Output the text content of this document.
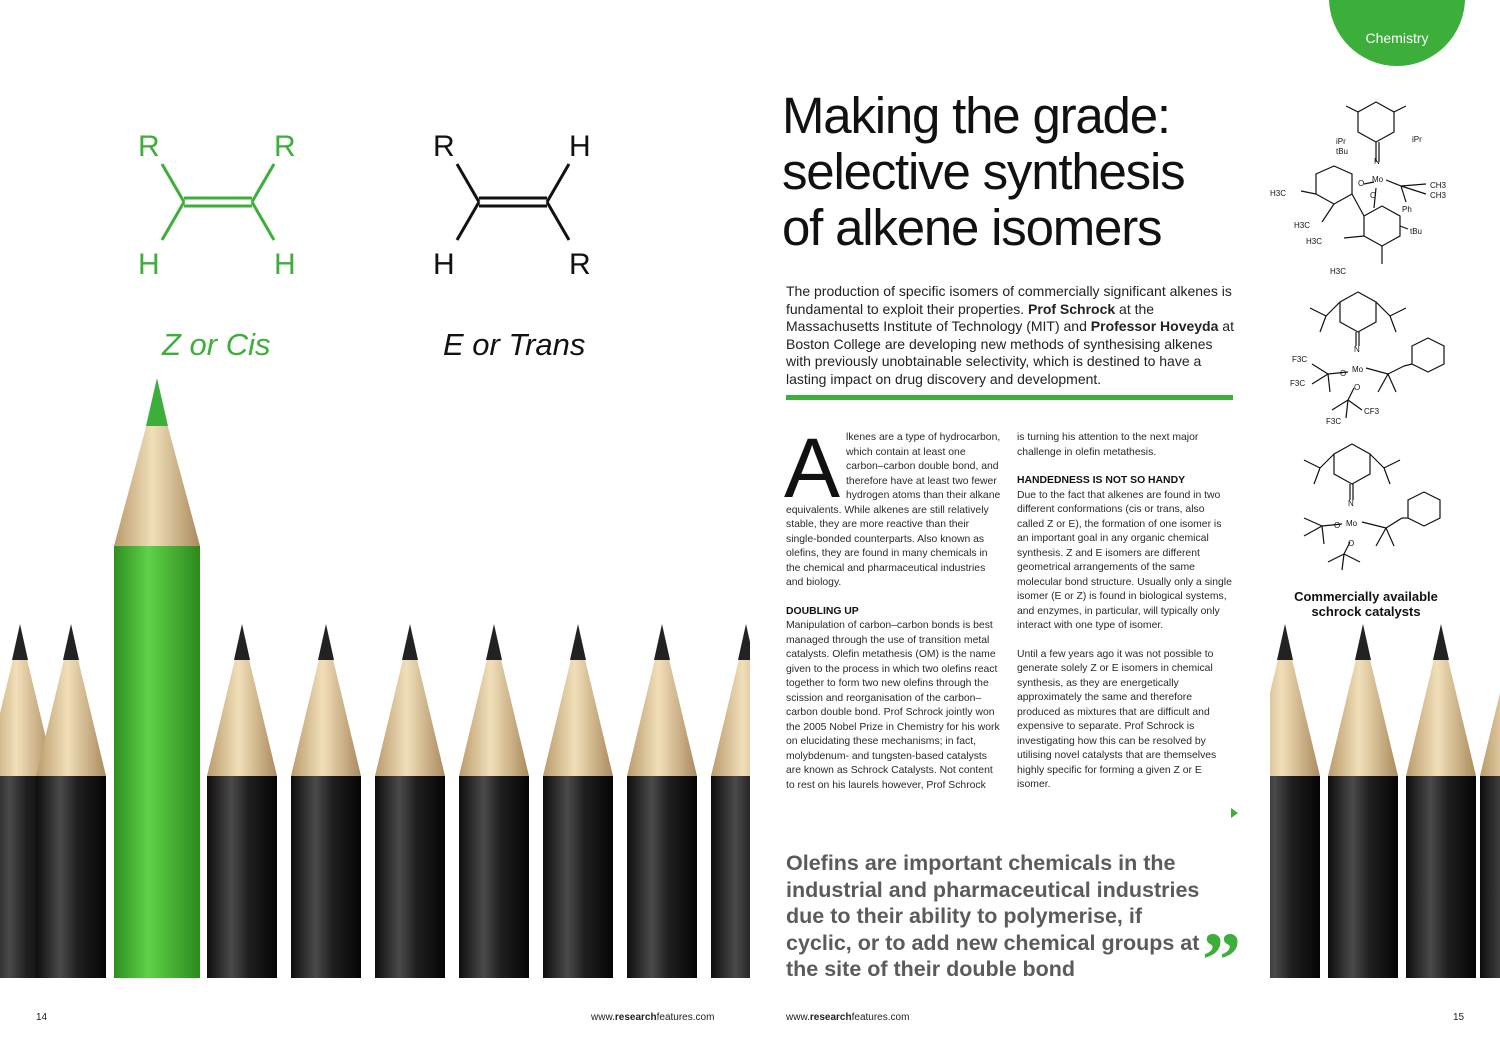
Chemistry
R	R
H	H
Z or Cis
R	H
H	R
E or Trans
Making the grade:
selective synthesis
of alkene isomers
The production of specific isomers of commercially significant alkenes is fundamental to exploit their properties. Prof Schrock at the Massachusetts Institute of Technology (MIT) and Professor Hoveyda at Boston College are developing new methods of synthesising alkenes with previously unobtainable selectivity, which is destined to have a lasting impact on drug discovery and development.

Alkenes are a type of hydrocarbon, which contain at least one carbon–carbon double bond, and therefore have at least two fewer hydrogen atoms than their alkane equivalents. While alkenes are still relatively stable, they are more reactive than their single-bonded counterparts. Also known as olefins, they are found in many chemicals in the chemical and pharmaceutical industries and biology.

DOUBLING UP

Manipulation of carbon–carbon bonds is best managed through the use of transition metal catalysts. Olefin metathesis (OM) is the name given to the process in which two olefins react together to form two new olefins through the scission and reorganisation of the carbon–carbon double bond. Prof Schrock jointly won the 2005 Nobel Prize in Chemistry for his work on elucidating these mechanisms; in fact, molybdenum- and tungsten-based catalysts are known as Schrock Catalysts. Not content to rest on his laurels however, Prof Schrock

is turning his attention to the next major challenge in olefin metathesis.

HANDEDNESS IS NOT SO HANDY

Due to the fact that alkenes are found in two different conformations (cis or trans, also called Z or E), the formation of one isomer is an important goal in any organic chemical synthesis. Z and E isomers are different geometrical arrangements of the same molecular bond structure. Usually only a single isomer (E or Z) is found in biological systems, and enzymes, in particular, will typically only interact with one type of isomer.

Until a few years ago it was not possible to generate solely Z or E isomers in chemical synthesis, as they are energetically approximately the same and therefore produced as mixtures that are difficult and expensive to separate. Prof Schrock is investigating how this can be resolved by utilising novel catalysts that are themselves highly specific for forming a given Z or E isomer.

Olefins are important chemicals in the industrial and pharmaceutical industries due to their ability to polymerise, if cyclic, or to add new chemical groups at the site of their double bond	”
iPr	iPr
tBu
N
Mo
O
O
CH3
CH3
Ph
H3C
H3C
H3C
tBu
H3C
N
Mo
O
O
F3C
F3C
CF3
F3C
N
Mo
O
O
Commercially available
schrock catalysts
14	www.researchfeatures.com	www.researchfeatures.com	15
